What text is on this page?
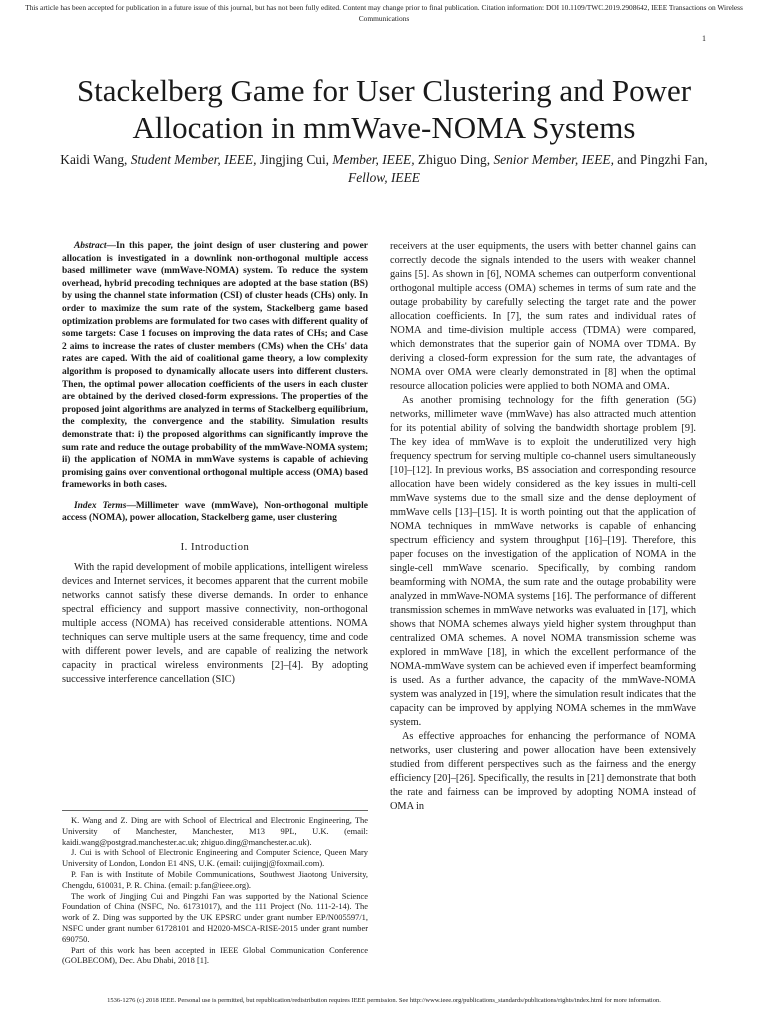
This article has been accepted for publication in a future issue of this journal, but has not been fully edited. Content may change prior to final publication. Citation information: DOI 10.1109/TWC.2019.2908642, IEEE Transactions on Wireless Communications
1
Stackelberg Game for User Clustering and Power Allocation in mmWave-NOMA Systems

Kaidi Wang, Student Member, IEEE, Jingjing Cui, Member, IEEE, Zhiguo Ding, Senior Member, IEEE, and Pingzhi Fan, Fellow, IEEE

Abstract—In this paper, the joint design of user clustering and power allocation is investigated in a downlink non-orthogonal multiple access based millimeter wave (mmWave-NOMA) system. To reduce the system overhead, hybrid precoding techniques are adopted at the base station (BS) by using the channel state information (CSI) of cluster heads (CHs) only. In order to maximize the sum rate of the system, Stackelberg game based optimization problems are formulated for two cases with different quality of some targets: Case 1 focuses on improving the data rates of CHs; and Case 2 aims to increase the rates of cluster members (CMs) when the CHs' data rates are caped. With the aid of coalitional game theory, a low complexity algorithm is proposed to dynamically allocate users into different clusters. Then, the optimal power allocation coefficients of the users in each cluster are obtained by the derived closed-form expressions. The properties of the proposed joint algorithms are analyzed in terms of Stackelberg equilibrium, the complexity, the convergence and the stability. Simulation results demonstrate that: i) the proposed algorithms can significantly improve the sum rate and reduce the outage probability of the mmWave-NOMA system; ii) the application of NOMA in mmWave systems is capable of achieving promising gains over conventional orthogonal multiple access (OMA) based frameworks in both cases.

Index Terms—Millimeter wave (mmWave), Non-orthogonal multiple access (NOMA), power allocation, Stackelberg game, user clustering

I. Introduction

With the rapid development of mobile applications, intelligent wireless devices and Internet services, it becomes apparent that the current mobile networks cannot satisfy these diverse demands. In order to enhance spectral efficiency and support massive connectivity, non-orthogonal multiple access (NOMA) has received considerable attentions. NOMA techniques can serve multiple users at the same frequency, time and code with different power levels, and are capable of realizing the network capacity in practical wireless environments [2]–[4]. By adopting successive interference cancellation (SIC)

K. Wang and Z. Ding are with School of Electrical and Electronic Engineering, The University of Manchester, Manchester, M13 9PL, U.K. (email: kaidi.wang@postgrad.manchester.ac.uk; zhiguo.ding@manchester.ac.uk).

J. Cui is with School of Electronic Engineering and Computer Science, Queen Mary University of London, London E1 4NS, U.K. (email: cuijingj@foxmail.com).

P. Fan is with Institute of Mobile Communications, Southwest Jiaotong University, Chengdu, 610031, P. R. China. (email: p.fan@ieee.org).

The work of Jingjing Cui and Pingzhi Fan was supported by the National Science Foundation of China (NSFC, No. 61731017), and the 111 Project (No. 111-2-14). The work of Z. Ding was supported by the UK EPSRC under grant number EP/N005597/1, NSFC under grant number 61728101 and H2020-MSCA-RISE-2015 under grant number 690750.

Part of this work has been accepted in IEEE Global Communication Conference (GOLBECOM), Dec. Abu Dhabi, 2018 [1].

receivers at the user equipments, the users with better channel gains can correctly decode the signals intended to the users with weaker channel gains [5]. As shown in [6], NOMA schemes can outperform conventional orthogonal multiple access (OMA) schemes in terms of sum rate and the outage probability by carefully selecting the target rate and the power allocation coefficients. In [7], the sum rates and individual rates of NOMA and time-division multiple access (TDMA) were compared, which demonstrates that the superior gain of NOMA over TDMA. By deriving a closed-form expression for the sum rate, the advantages of NOMA over OMA were clearly demonstrated in [8] when the optimal resource allocation policies were applied to both NOMA and OMA.

As another promising technology for the fifth generation (5G) networks, millimeter wave (mmWave) has also attracted much attention for its potential ability of solving the bandwidth shortage problem [9]. The key idea of mmWave is to exploit the underutilized very high frequency spectrum for serving multiple co-channel users simultaneously [10]–[12]. In previous works, BS association and corresponding resource allocation have been widely considered as the key issues in multi-cell mmWave systems due to the small size and the dense deployment of mmWave cells [13]–[15]. It is worth pointing out that the application of NOMA techniques in mmWave networks is capable of enhancing spectrum efficiency and system throughput [16]–[19]. Therefore, this paper focuses on the investigation of the application of NOMA in the single-cell mmWave scenario. Specifically, by combing random beamforming with NOMA, the sum rate and the outage probability were analyzed in mmWave-NOMA systems [16]. The performance of different transmission schemes in mmWave networks was evaluated in [17], which shows that NOMA schemes always yield higher system throughput than centralized OMA schemes. A novel NOMA transmission scheme was explored in mmWave [18], in which the excellent performance of the NOMA-mmWave system can be achieved even if imperfect beamforming is used. As a further advance, the capacity of the mmWave-NOMA system was analyzed in [19], where the simulation result indicates that the capacity can be improved by applying NOMA schemes in the mmWave system.

As effective approaches for enhancing the performance of NOMA networks, user clustering and power allocation have been extensively studied from different perspectives such as the fairness and the energy efficiency [20]–[26]. Specifically, the results in [21] demonstrate that both the rate and fairness can be improved by adopting NOMA instead of OMA in

1536-1276 (c) 2018 IEEE. Personal use is permitted, but republication/redistribution requires IEEE permission. See http://www.ieee.org/publications_standards/publications/rights/index.html for more information.
